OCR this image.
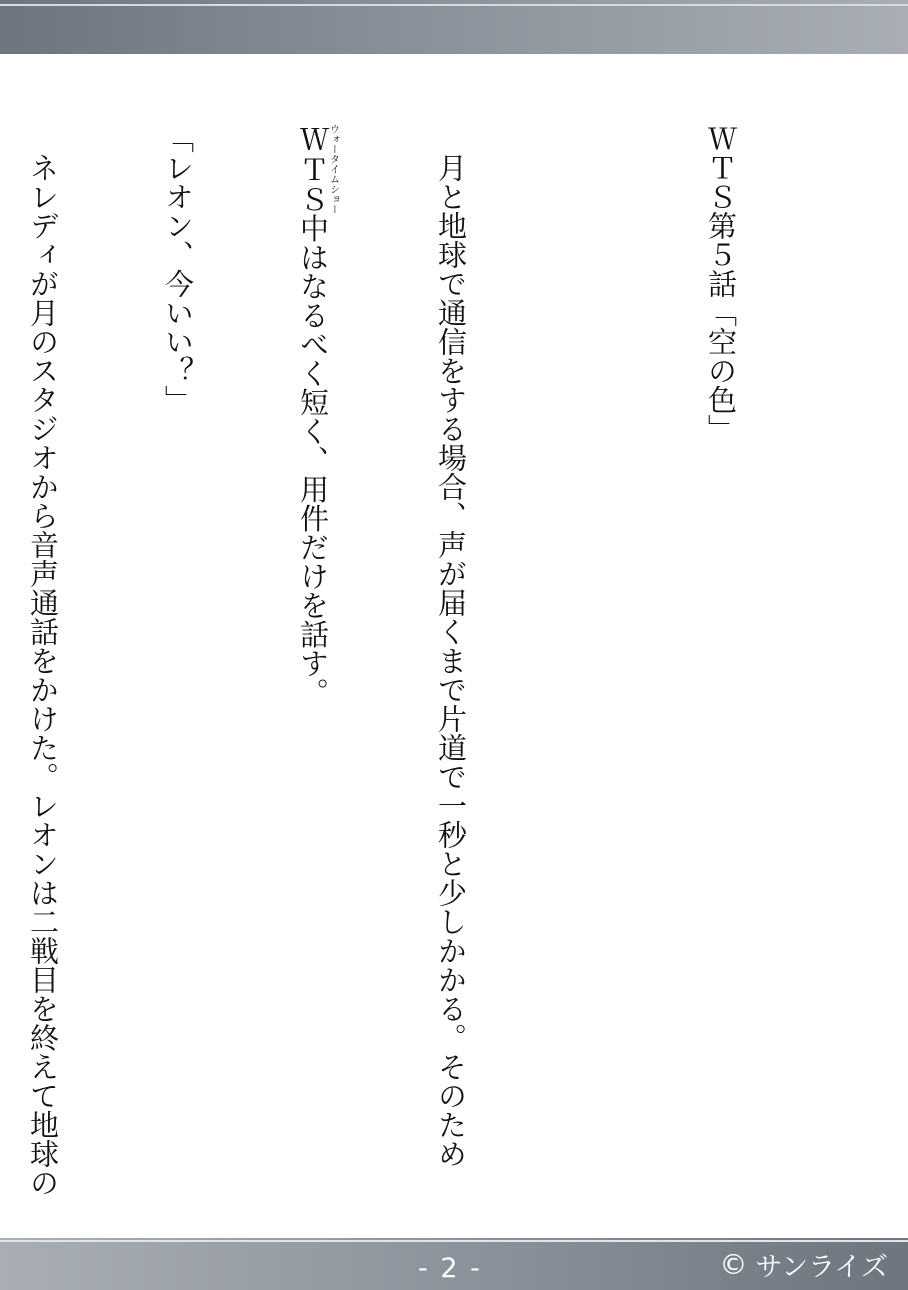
ＷＴＳ第５話「空の色」

月と地球で通信をする場合、声が届くまで片道で一秒と少しかかる。そのため

ＷＴＳウォータイムショー中はなるべく短く、用件だけを話す。

「レオン、今いい？」

ネレディが月のスタジオから音声通話をかけた。レオンは二戦目を終えて地球の

- 2 -	© サンライズ
